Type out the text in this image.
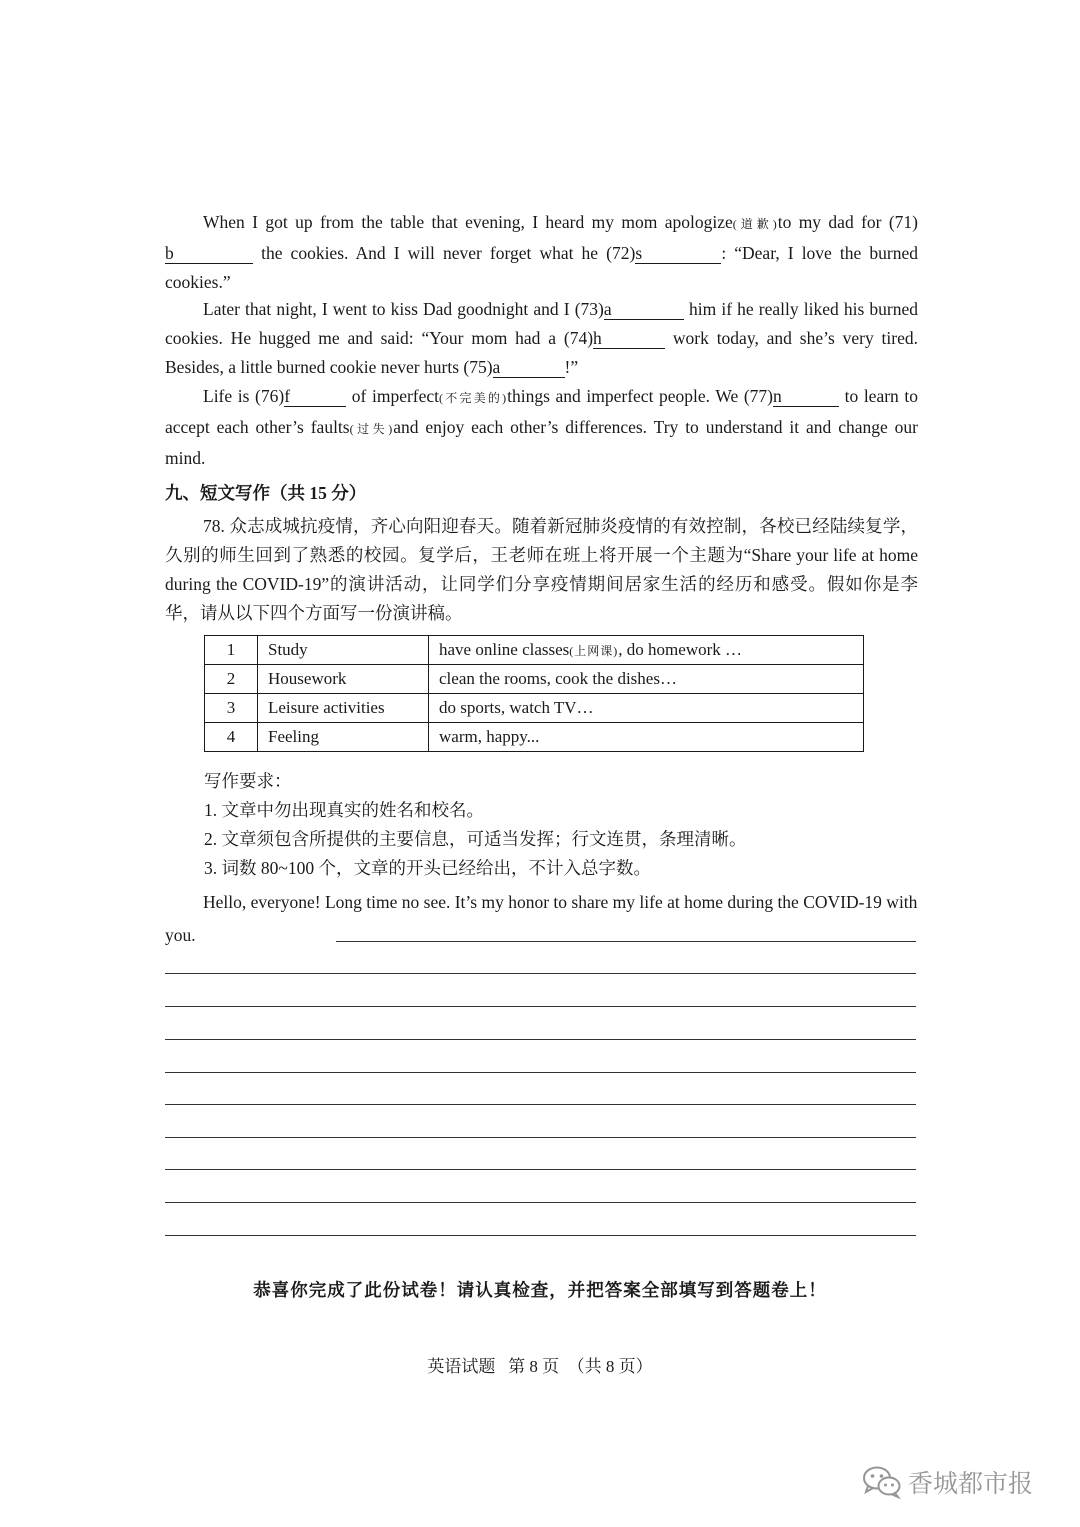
When I got up from the table that evening, I heard my mom apologize(道歉)to my dad for (71)b	the cookies. And I will never forget what he (72)s	: “Dear, I love the burned cookies.”

Later that night, I went to kiss Dad goodnight and I (73)a	him if he really liked his burned cookies. He hugged me and said: “Your mom had a (74)h	work today, and she’s very tired. Besides, a little burned cookie never hurts (75)a	!”

Life is (76)f	of imperfect(不完美的)things and imperfect people. We (77)n	to learn to accept each other’s faults(过失)and enjoy each other’s differences. Try to understand it and change our mind.

九、短文写作（共 15 分）

78. 众志成城抗疫情，齐心向阳迎春天。随着新冠肺炎疫情的有效控制，各校已经陆续复学，久别的师生回到了熟悉的校园。复学后，王老师在班上将开展一个主题为“Share your life at home during the COVID-19”的演讲活动，让同学们分享疫情期间居家生活的经历和感受。假如你是李华，请从以下四个方面写一份演讲稿。

1	Study	have online classes(上网课), do homework …
2	Housework	clean the rooms, cook the dishes…
3	Leisure activities	do sports, watch TV…
4	Feeling	warm, happy...

写作要求：

1. 文章中勿出现真实的姓名和校名。

2. 文章须包含所提供的主要信息，可适当发挥；行文连贯，条理清晰。

3. 词数 80~100 个，文章的开头已经给出，不计入总字数。

Hello, everyone! Long time no see. It’s my honor to share my life at home during the COVID-19 with you.

恭喜你完成了此份试卷！请认真检查，并把答案全部填写到答题卷上！

英语试题   第 8 页  （共 8 页）

香城都市报
